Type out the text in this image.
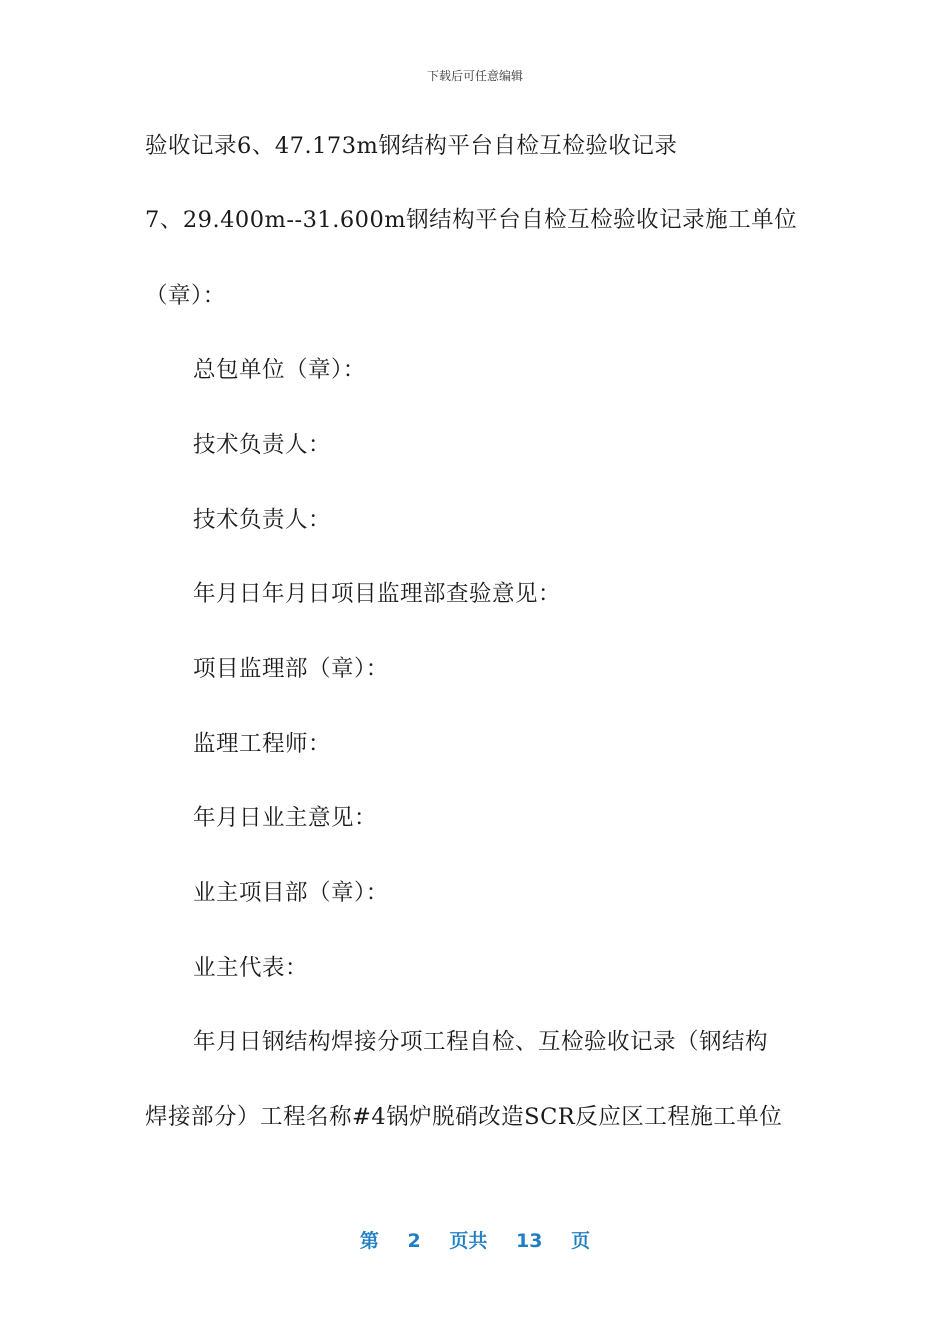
下载后可任意编辑
验收记录6、47.173m钢结构平台自检互检验收记录
7、29.400m--31.600m钢结构平台自检互检验收记录施工单位
（章）：
总包单位（章）：
技术负责人：
技术负责人：
年月日年月日项目监理部查验意见：
项目监理部（章）：
监理工程师：
年月日业主意见：
业主项目部（章）：
业主代表：
年月日钢结构焊接分项工程自检、互检验收记录（钢结构
焊接部分）工程名称#4锅炉脱硝改造SCR反应区工程施工单位
第 2 页共 13 页
